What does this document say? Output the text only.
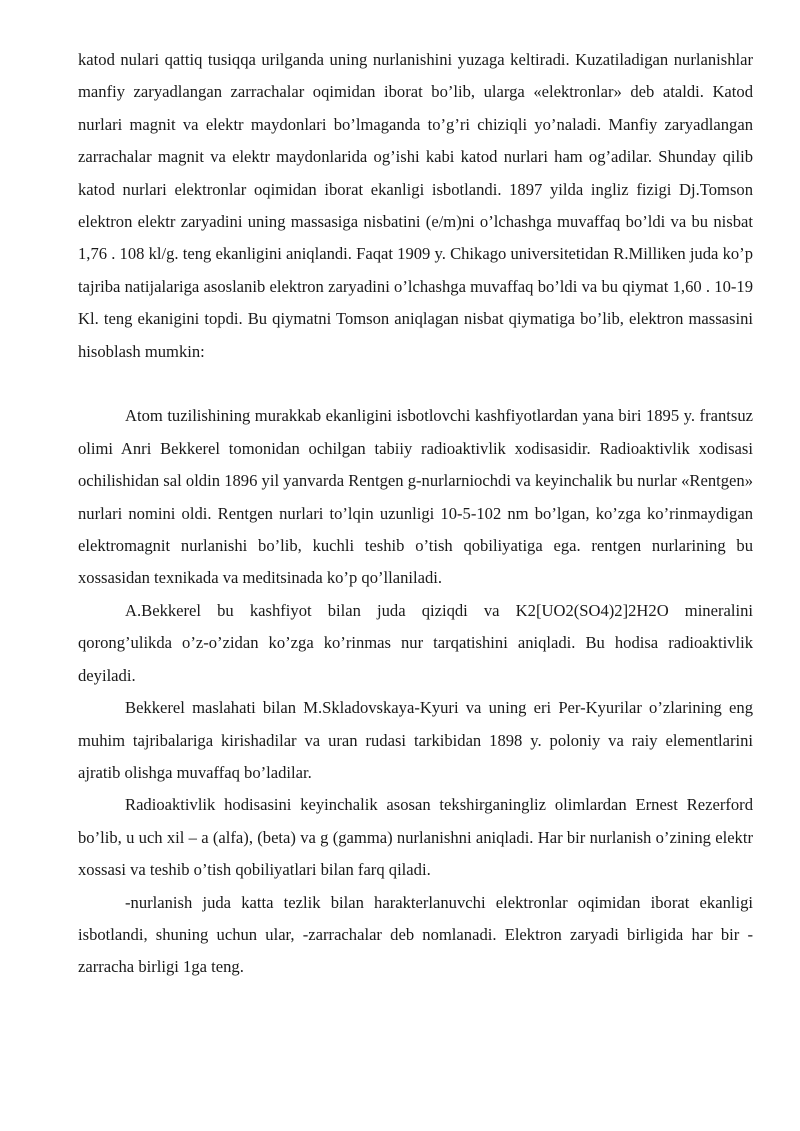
katod nulari qattiq tusiqqa urilganda uning nurlanishini yuzaga keltiradi. Kuzatiladigan nurlanishlar manfiy zaryadlangan zarrachalar oqimidan iborat bo’lib, ularga «elektronlar» deb ataldi. Katod nurlari magnit va elektr maydonlari bo’lmaganda to’g’ri chiziqli yo’naladi. Manfiy zaryadlangan zarrachalar magnit va elektr maydonlarida og’ishi kabi katod nurlari ham og’adilar. Shunday qilib katod nurlari elektronlar oqimidan iborat ekanligi isbotlandi. 1897 yilda ingliz fizigi Dj.Tomson elektron elektr zaryadini uning massasiga nisbatini (e/m)ni o’lchashga muvaffaq bo’ldi va bu nisbat 1,76 . 108 kl/g. teng ekanligini aniqlandi. Faqat 1909 y. Chikago universitetidan R.Milliken juda ko’p tajriba natijalariga asoslanib elektron zaryadini o’lchashga muvaffaq bo’ldi va bu qiymat 1,60 . 10-19 Kl. teng ekanigini topdi. Bu qiymatni Tomson aniqlagan nisbat qiymatiga bo’lib, elektron massasini hisoblash mumkin:

Atom tuzilishining murakkab ekanligini isbotlovchi kashfiyotlardan yana biri 1895 y. frantsuz olimi Anri Bekkerel tomonidan ochilgan tabiiy radioaktivlik xodisasidir. Radioaktivlik xodisasi ochilishidan sal oldin 1896 yil yanvarda Rentgen g-nurlarniochdi va keyinchalik bu nurlar «Rentgen» nurlari nomini oldi. Rentgen nurlari to’lqin uzunligi 10-5-102 nm bo’lgan, ko’zga ko’rinmaydigan elektromagnit nurlanishi bo’lib, kuchli teshib o’tish qobiliyatiga ega. rentgen nurlarining bu xossasidan texnikada va meditsinada ko’p qo’llaniladi.

A.Bekkerel bu kashfiyot bilan juda qiziqdi va K2[UO2(SO4)2]2H2O mineralini qorong’ulikda o’z-o’zidan ko’zga ko’rinmas nur tarqatishini aniqladi. Bu hodisa radioaktivlik deyiladi.

Bekkerel maslahati bilan M.Skladovskaya-Kyuri va uning eri Per-Kyurilar o’zlarining eng muhim tajribalariga kirishadilar va uran rudasi tarkibidan 1898 y. poloniy va raiy elementlarini ajratib olishga muvaffaq bo’ladilar.

Radioaktivlik hodisasini keyinchalik asosan tekshirganingliz olimlardan Ernest Rezerford bo’lib, u uch xil – a (alfa), (beta) va g (gamma) nurlanishni aniqladi. Har bir nurlanish o’zining elektr xossasi va teshib o’tish qobiliyatlari bilan farq qiladi.

-nurlanish juda katta tezlik bilan harakterlanuvchi elektronlar oqimidan iborat ekanligi isbotlandi, shuning uchun ular, -zarrachalar deb nomlanadi. Elektron zaryadi birligida har bir -zarracha birligi 1ga teng.
